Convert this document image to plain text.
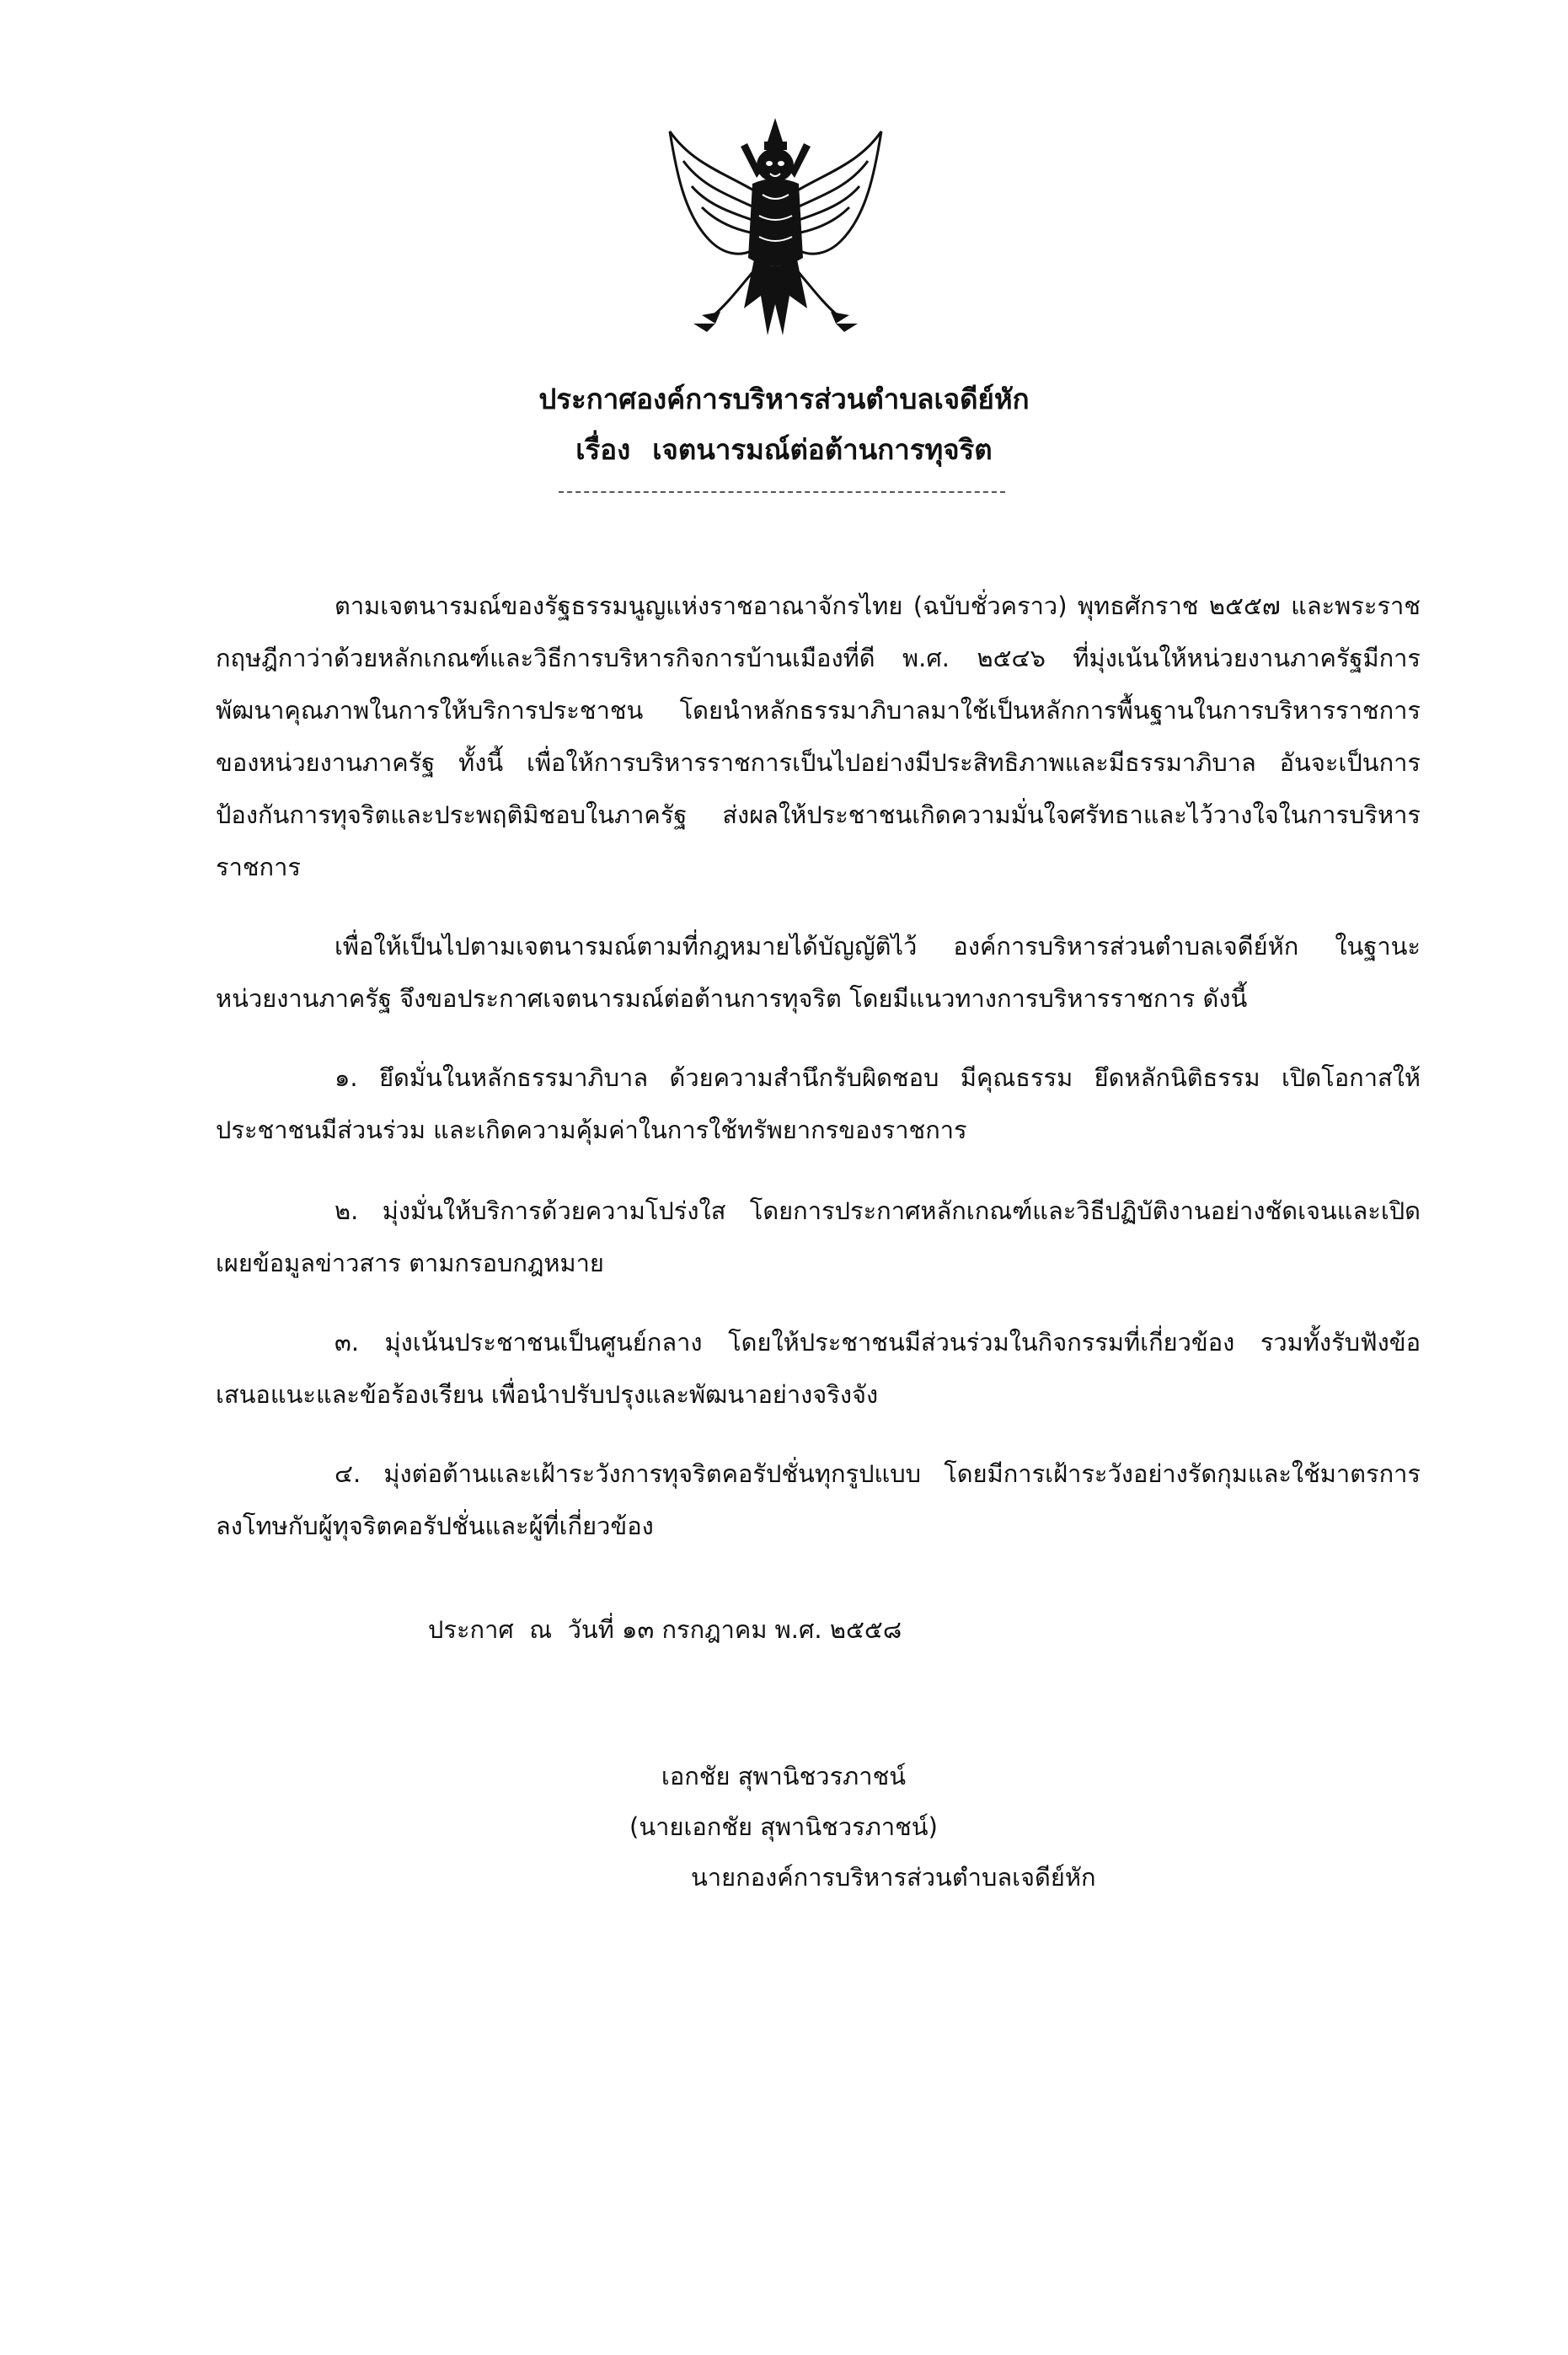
ประกาศองค์การบริหารส่วนตำบลเจดีย์หัก
เรื่อง เจตนารมณ์ต่อต้านการทุจริต

ตามเจตนารมณ์ของรัฐธรรมนูญแห่งราชอาณาจักรไทย (ฉบับชั่วคราว) พุทธศักราช ๒๕๕๗ และพระราชกฤษฎีกาว่าด้วยหลักเกณฑ์และวิธีการบริหารกิจการบ้านเมืองที่ดี พ.ศ. ๒๕๔๖ ที่มุ่งเน้นให้หน่วยงานภาครัฐมีการพัฒนาคุณภาพในการให้บริการประชาชน โดยนำหลักธรรมาภิบาลมาใช้เป็นหลักการพื้นฐานในการบริหารราชการของหน่วยงานภาครัฐ ทั้งนี้ เพื่อให้การบริหารราชการเป็นไปอย่างมีประสิทธิภาพและมีธรรมาภิบาล อันจะเป็นการป้องกันการทุจริตและประพฤติมิชอบในภาครัฐ ส่งผลให้ประชาชนเกิดความมั่นใจศรัทธาและไว้วางใจในการบริหารราชการ

เพื่อให้เป็นไปตามเจตนารมณ์ตามที่กฎหมายได้บัญญัติไว้ องค์การบริหารส่วนตำบลเจดีย์หัก ในฐานะหน่วยงานภาครัฐ จึงขอประกาศเจตนารมณ์ต่อต้านการทุจริต โดยมีแนวทางการบริหารราชการ ดังนี้

๑. ยึดมั่นในหลักธรรมาภิบาล ด้วยความสำนึกรับผิดชอบ มีคุณธรรม ยึดหลักนิติธรรม เปิดโอกาสให้ประชาชนมีส่วนร่วม และเกิดความคุ้มค่าในการใช้ทรัพยากรของราชการ

๒. มุ่งมั่นให้บริการด้วยความโปร่งใส โดยการประกาศหลักเกณฑ์และวิธีปฏิบัติงานอย่างชัดเจนและเปิดเผยข้อมูลข่าวสาร ตามกรอบกฎหมาย

๓. มุ่งเน้นประชาชนเป็นศูนย์กลาง โดยให้ประชาชนมีส่วนร่วมในกิจกรรมที่เกี่ยวข้อง รวมทั้งรับฟังข้อเสนอแนะและข้อร้องเรียน เพื่อนำปรับปรุงและพัฒนาอย่างจริงจัง

๔. มุ่งต่อต้านและเฝ้าระวังการทุจริตคอรัปชั่นทุกรูปแบบ โดยมีการเฝ้าระวังอย่างรัดกุมและใช้มาตรการลงโทษกับผู้ทุจริตคอรัปชั่นและผู้ที่เกี่ยวข้อง

ประกาศ  ณ  วันที่ ๑๓ กรกฎาคม พ.ศ. ๒๕๕๘
เอกชัย สุพานิชวรภาชน์
(นายเอกชัย สุพานิชวรภาชน์)
นายกองค์การบริหารส่วนตำบลเจดีย์หัก
